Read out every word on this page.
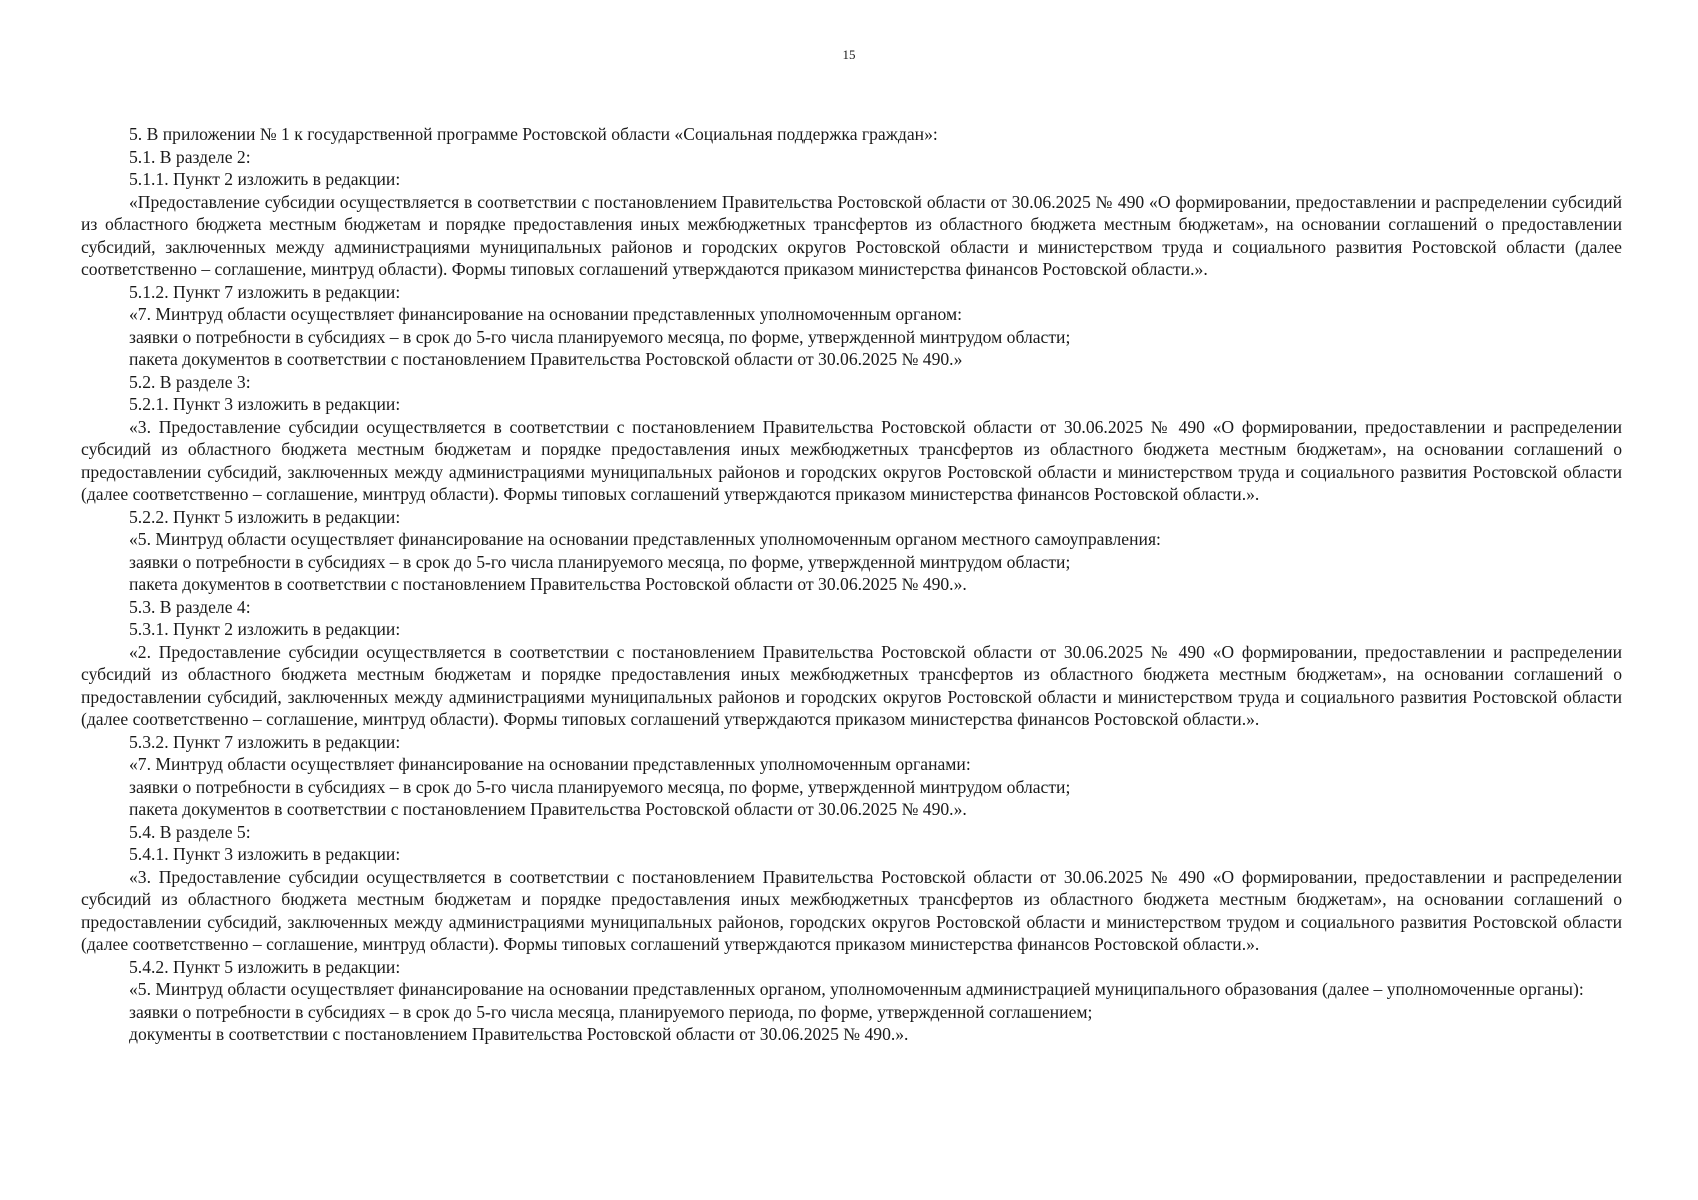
15

5. В приложении № 1 к государственной программе Ростовской области «Социальная поддержка граждан»:

5.1. В разделе 2:

5.1.1. Пункт 2 изложить в редакции:

«Предоставление субсидии осуществляется в соответствии с постановлением Правительства Ростовской области от 30.06.2025 № 490 «О формировании, предоставлении и распределении субсидий из областного бюджета местным бюджетам и порядке предоставления иных межбюджетных трансфертов из областного бюджета местным бюджетам», на основании соглашений о предоставлении субсидий, заключенных между администрациями муниципальных районов и городских округов Ростовской области и министерством труда и социального развития Ростовской области (далее соответственно – соглашение, минтруд области). Формы типовых соглашений утверждаются приказом министерства финансов Ростовской области.».

5.1.2. Пункт 7 изложить в редакции:

«7. Минтруд области осуществляет финансирование на основании представленных уполномоченным органом:

заявки о потребности в субсидиях – в срок до 5-го числа планируемого месяца, по форме, утвержденной минтрудом области;

пакета документов в соответствии с постановлением Правительства Ростовской области от 30.06.2025 № 490.»

5.2. В разделе 3:

5.2.1. Пункт 3 изложить в редакции:

«3. Предоставление субсидии осуществляется в соответствии с постановлением Правительства Ростовской области от 30.06.2025 № 490 «О формировании, предоставлении и распределении субсидий из областного бюджета местным бюджетам и порядке предоставления иных межбюджетных трансфертов из областного бюджета местным бюджетам», на основании соглашений о предоставлении субсидий, заключенных между администрациями муниципальных районов и городских округов Ростовской области и министерством труда и социального развития Ростовской области (далее соответственно – соглашение, минтруд области). Формы типовых соглашений утверждаются приказом министерства финансов Ростовской области.».

5.2.2. Пункт 5 изложить в редакции:

«5. Минтруд области осуществляет финансирование на основании представленных уполномоченным органом местного самоуправления:

заявки о потребности в субсидиях – в срок до 5-го числа планируемого месяца, по форме, утвержденной минтрудом области;

пакета документов в соответствии с постановлением Правительства Ростовской области от 30.06.2025 № 490.».

5.3. В разделе 4:

5.3.1. Пункт 2 изложить в редакции:

«2. Предоставление субсидии осуществляется в соответствии с постановлением Правительства Ростовской области от 30.06.2025 № 490 «О формировании, предоставлении и распределении субсидий из областного бюджета местным бюджетам и порядке предоставления иных межбюджетных трансфертов из областного бюджета местным бюджетам», на основании соглашений о предоставлении субсидий, заключенных между администрациями муниципальных районов и городских округов Ростовской области и министерством труда и социального развития Ростовской области (далее соответственно – соглашение, минтруд области). Формы типовых соглашений утверждаются приказом министерства финансов Ростовской области.».

5.3.2. Пункт 7 изложить в редакции:

«7. Минтруд области осуществляет финансирование на основании представленных уполномоченным органами:

заявки о потребности в субсидиях – в срок до 5-го числа планируемого месяца, по форме, утвержденной минтрудом области;

пакета документов в соответствии с постановлением Правительства Ростовской области от 30.06.2025 № 490.».

5.4. В разделе 5:

5.4.1. Пункт 3 изложить в редакции:

«3. Предоставление субсидии осуществляется в соответствии с постановлением Правительства Ростовской области от 30.06.2025 № 490 «О формировании, предоставлении и распределении субсидий из областного бюджета местным бюджетам и порядке предоставления иных межбюджетных трансфертов из областного бюджета местным бюджетам», на основании соглашений о предоставлении субсидий, заключенных между администрациями муниципальных районов, городских округов Ростовской области и министерством трудом и социального развития Ростовской области (далее соответственно – соглашение, минтруд области). Формы типовых соглашений утверждаются приказом министерства финансов Ростовской области.».

5.4.2. Пункт 5 изложить в редакции:

«5. Минтруд области осуществляет финансирование на основании представленных органом, уполномоченным администрацией муниципального образования (далее – уполномоченные органы):

заявки о потребности в субсидиях – в срок до 5-го числа месяца, планируемого периода, по форме, утвержденной соглашением;

документы в соответствии с постановлением Правительства Ростовской области от 30.06.2025 № 490.».
